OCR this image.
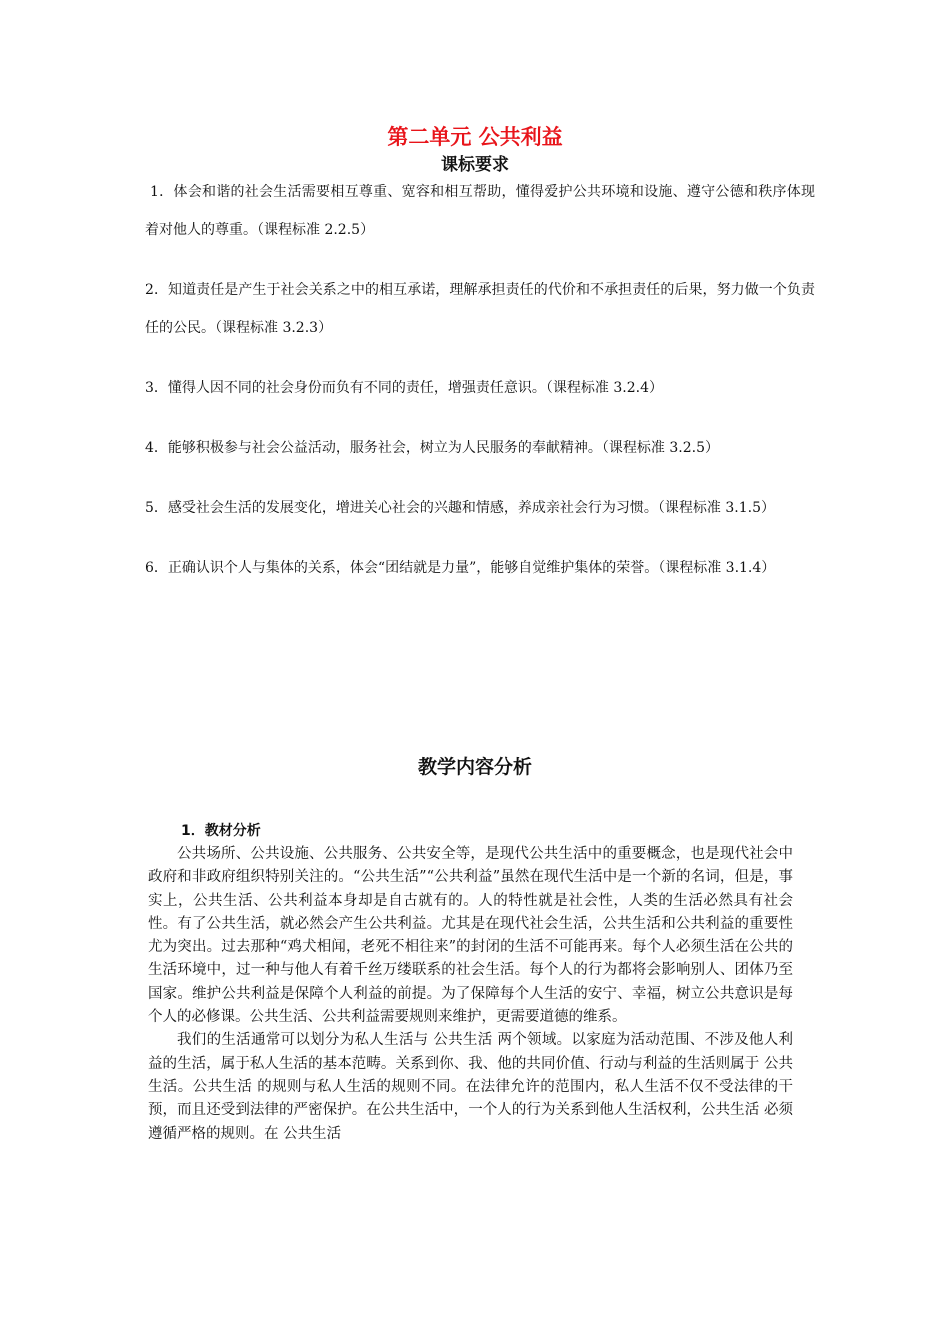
第二单元 公共利益
课标要求

1．体会和谐的社会生活需要相互尊重、宽容和相互帮助，懂得爱护公共环境和设施、遵守公德和秩序体现着对他人的尊重。（课程标准 2.2.5）

2．知道责任是产生于社会关系之中的相互承诺，理解承担责任的代价和不承担责任的后果，努力做一个负责任的公民。（课程标准 3.2.3）

3．懂得人因不同的社会身份而负有不同的责任，增强责任意识。（课程标准 3.2.4）

4．能够积极参与社会公益活动，服务社会，树立为人民服务的奉献精神。（课程标准 3.2.5）

5．感受社会生活的发展变化，增进关心社会的兴趣和情感，养成亲社会行为习惯。（课程标准 3.1.5）

6．正确认识个人与集体的关系，体会“团结就是力量”，能够自觉维护集体的荣誉。（课程标准 3.1.4）

教学内容分析
1．教材分析

公共场所、公共设施、公共服务、公共安全等，是现代公共生活中的重要概念，也是现代社会中政府和非政府组织特别关注的。“公共生活”“公共利益”虽然在现代生活中是一个新的名词，但是，事实上，公共生活、公共利益本身却是自古就有的。人的特性就是社会性，人类的生活必然具有社会性。有了公共生活，就必然会产生公共利益。尤其是在现代社会生活，公共生活和公共利益的重要性尤为突出。过去那种“鸡犬相闻，老死不相往来”的封闭的生活不可能再来。每个人必须生活在公共的生活环境中，过一种与他人有着千丝万缕联系的社会生活。每个人的行为都将会影响别人、团体乃至国家。维护公共利益是保障个人利益的前提。为了保障每个人生活的安宁、幸福，树立公共意识是每个人的必修课。公共生活、公共利益需要规则来维护，更需要道德的维系。

我们的生活通常可以划分为私人生活与 公共生活 两个领域。以家庭为活动范围、不涉及他人利益的生活，属于私人生活的基本范畴。关系到你、我、他的共同价值、行动与利益的生活则属于 公共生活。公共生活 的规则与私人生活的规则不同。在法律允许的范围内，私人生活不仅不受法律的干预，而且还受到法律的严密保护。在公共生活中，一个人的行为关系到他人生活权利，公共生活 必须遵循严格的规则。在 公共生活
